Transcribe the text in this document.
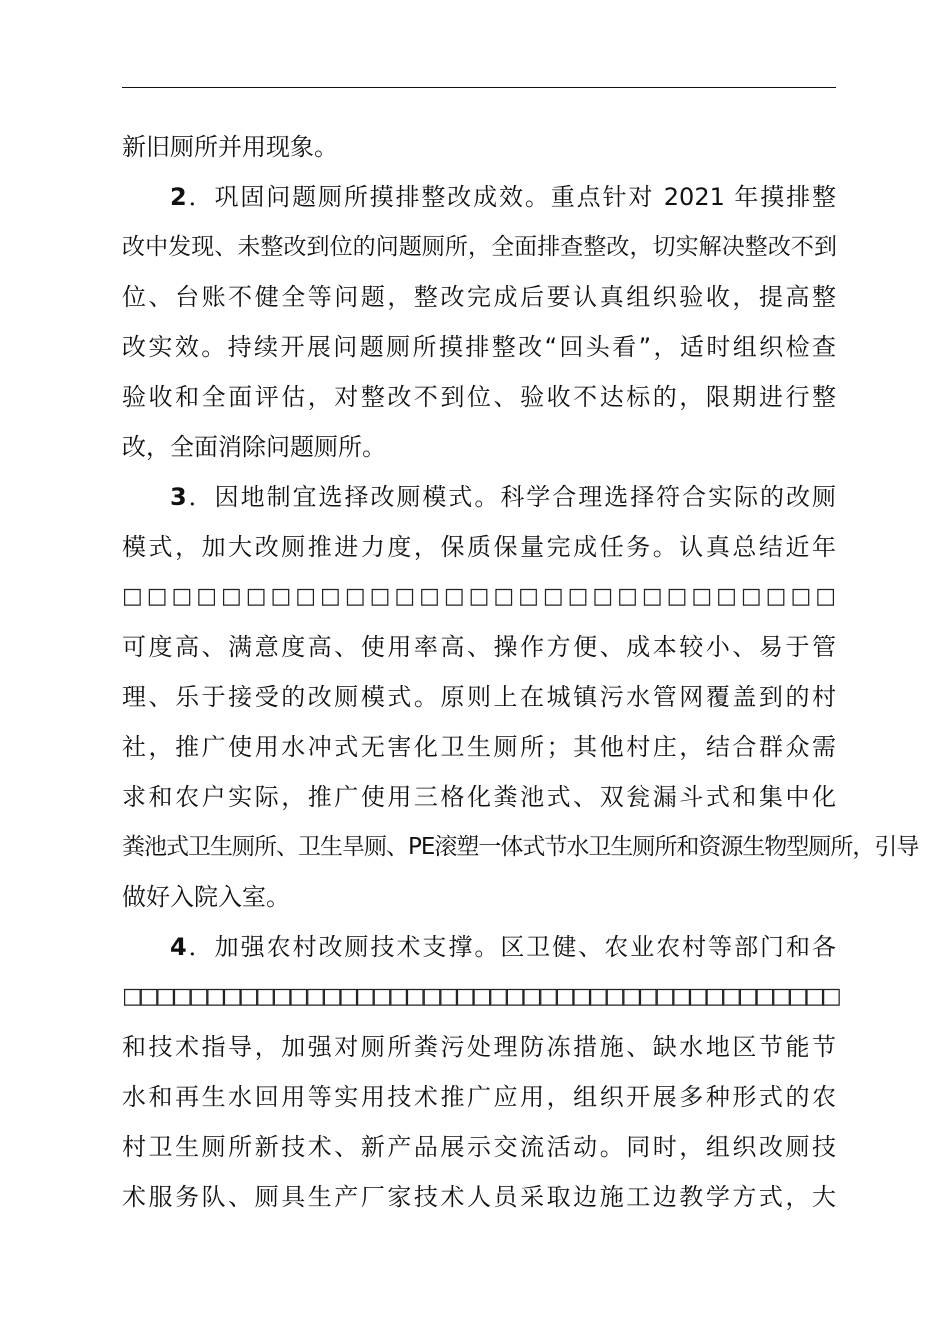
新旧厕所并用现象。
2．巩固问题厕所摸排整改成效。重点针对 2021 年摸排整
改中发现、未整改到位的问题厕所，全面排查整改，切实解决整改不到
位、台账不健全等问题，整改完成后要认真组织验收，提高整
改实效。持续开展问题厕所摸排整改“回头看”，适时组织检查
验收和全面评估，对整改不到位、验收不达标的，限期进行整
改，全面消除问题厕所。
3．因地制宜选择改厕模式。科学合理选择符合实际的改厕
模式，加大改厕推进力度，保质保量完成任务。认真总结近年
□□□□□□□□□□□□□□□□□□□□□□□□□□□□□
可度高、满意度高、使用率高、操作方便、成本较小、易于管
理、乐于接受的改厕模式。原则上在城镇污水管网覆盖到的村
社，推广使用水冲式无害化卫生厕所；其他村庄，结合群众需
求和农户实际，推广使用三格化粪池式、双瓮漏斗式和集中化
粪池式卫生厕所、卫生旱厕、PE滚塑一体式节水卫生厕所和资源生物型厕所，引导
做好入院入室。
4．加强农村改厕技术支撑。区卫健、农业农村等部门和各
□□□□□□□□□□□□□□□□□□□□□□□□□□□□□□□□□□□□□□□□□□□
和技术指导，加强对厕所粪污处理防冻措施、缺水地区节能节
水和再生水回用等实用技术推广应用，组织开展多种形式的农
村卫生厕所新技术、新产品展示交流活动。同时，组织改厕技
术服务队、厕具生产厂家技术人员采取边施工边教学方式，大
